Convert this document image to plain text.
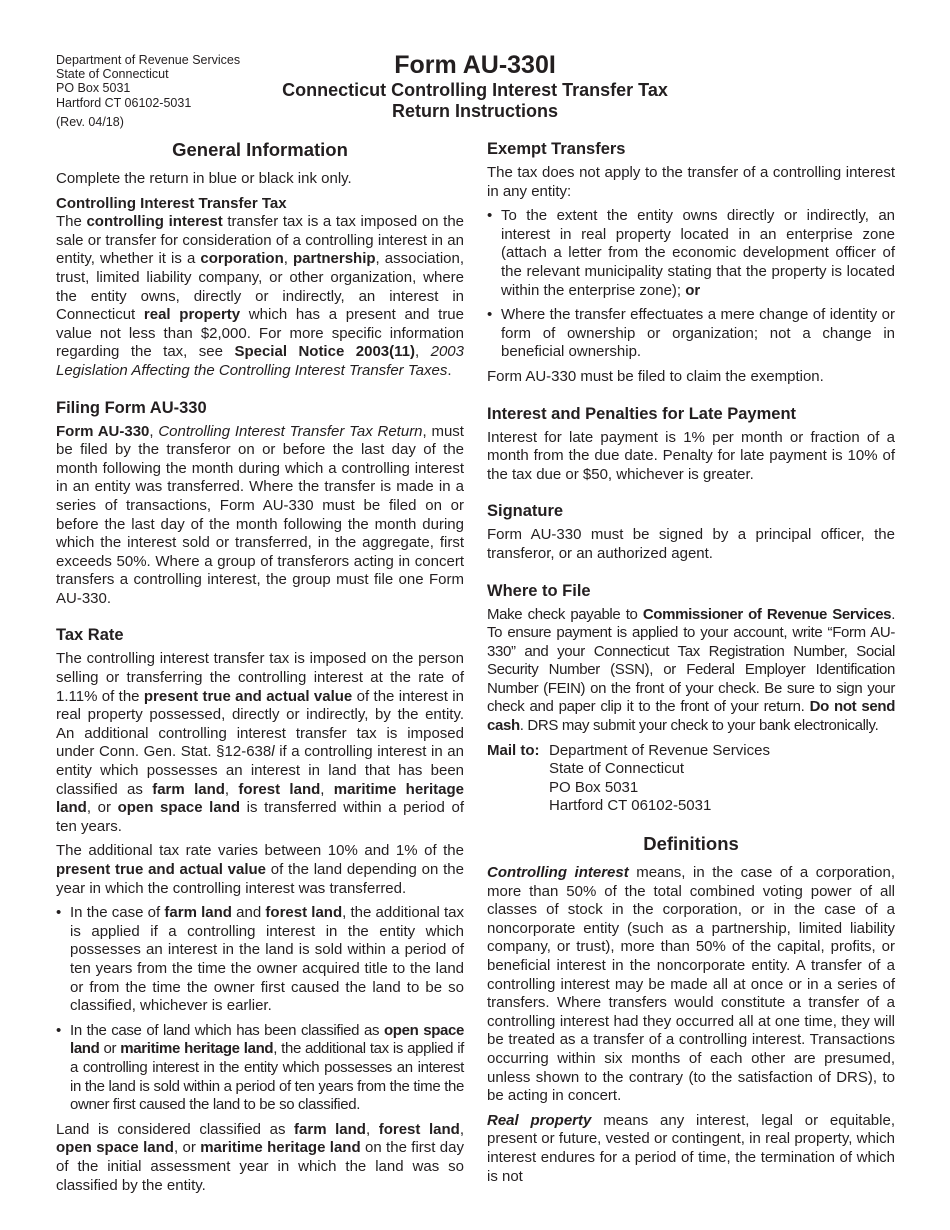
Department of Revenue Services
State of Connecticut
PO Box 5031
Hartford CT 06102-5031
(Rev. 04/18)
Form AU-330I
Connecticut Controlling Interest Transfer Tax
Return Instructions
General Information

Complete the return in blue or black ink only.

Controlling Interest Transfer Tax

The controlling interest transfer tax is a tax imposed on the sale or transfer for consideration of a controlling interest in an entity, whether it is a corporation, partnership, association, trust, limited liability company, or other organization, where the entity owns, directly or indirectly, an interest in Connecticut real property which has a present and true value not less than $2,000. For more specific information regarding the tax, see Special Notice 2003(11), 2003 Legislation Affecting the Controlling Interest Transfer Taxes.

Filing Form AU-330

Form AU-330, Controlling Interest Transfer Tax Return, must be filed by the transferor on or before the last day of the month following the month during which a controlling interest in an entity was transferred. Where the transfer is made in a series of transactions, Form AU-330 must be filed on or before the last day of the month following the month during which the interest sold or transferred, in the aggregate, first exceeds 50%. Where a group of transferors acting in concert transfers a controlling interest, the group must file one Form AU-330.

Tax Rate

The controlling interest transfer tax is imposed on the person selling or transferring the controlling interest at the rate of 1.11% of the present true and actual value of the interest in real property possessed, directly or indirectly, by the entity. An additional controlling interest transfer tax is imposed under Conn. Gen. Stat. §12-638l if a controlling interest in an entity which possesses an interest in land that has been classified as farm land, forest land, maritime heritage land, or open space land is transferred within a period of ten years.

The additional tax rate varies between 10% and 1% of the present true and actual value of the land depending on the year in which the controlling interest was transferred.

• In the case of farm land and forest land, the additional tax is applied if a controlling interest in the entity which possesses an interest in the land is sold within a period of ten years from the time the owner acquired title to the land or from the time the owner first caused the land to be so classified, whichever is earlier.
• In the case of land which has been classified as open space land or maritime heritage land, the additional tax is applied if a controlling interest in the entity which possesses an interest in the land is sold within a period of ten years from the time the owner first caused the land to be so classified.

Land is considered classified as farm land, forest land, open space land, or maritime heritage land on the first day of the initial assessment year in which the land was so classified by the entity.

Exempt Transfers

The tax does not apply to the transfer of a controlling interest in any entity:

• To the extent the entity owns directly or indirectly, an interest in real property located in an enterprise zone (attach a letter from the economic development officer of the relevant municipality stating that the property is located within the enterprise zone); or
• Where the transfer effectuates a mere change of identity or form of ownership or organization; not a change in beneficial ownership.

Form AU-330 must be filed to claim the exemption.

Interest and Penalties for Late Payment

Interest for late payment is 1% per month or fraction of a month from the due date. Penalty for late payment is 10% of the tax due or $50, whichever is greater.

Signature

Form AU-330 must be signed by a principal officer, the transferor, or an authorized agent.

Where to File

Make check payable to Commissioner of Revenue Services. To ensure payment is applied to your account, write “Form AU-330” and your Connecticut Tax Registration Number, Social Security Number (SSN), or Federal Employer Identification Number (FEIN) on the front of your check. Be sure to sign your check and paper clip it to the front of your return. Do not send cash. DRS may submit your check to your bank electronically.

Mail to: Department of Revenue Services
State of Connecticut
PO Box 5031
Hartford CT 06102-5031
Definitions

Controlling interest means, in the case of a corporation, more than 50% of the total combined voting power of all classes of stock in the corporation, or in the case of a noncorporate entity (such as a partnership, limited liability company, or trust), more than 50% of the capital, profits, or beneficial interest in the noncorporate entity. A transfer of a controlling interest may be made all at once or in a series of transfers. Where transfers would constitute a transfer of a controlling interest had they occurred all at one time, they will be treated as a transfer of a controlling interest. Transactions occurring within six months of each other are presumed, unless shown to the contrary (to the satisfaction of DRS), to be acting in concert.

Real property means any interest, legal or equitable, present or future, vested or contingent, in real property, which interest endures for a period of time, the termination of which is not
